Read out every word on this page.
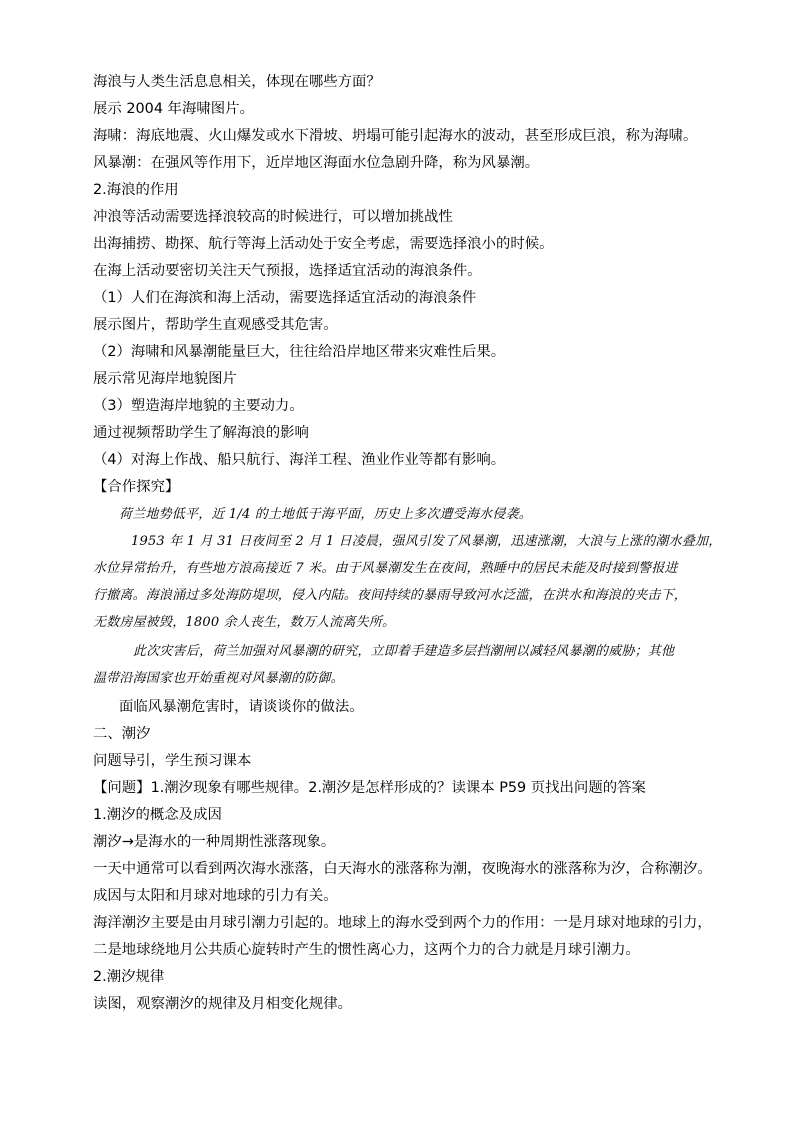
海浪与人类生活息息相关，体现在哪些方面？
展示 2004 年海啸图片。
海啸：海底地震、火山爆发或水下滑坡、坍塌可能引起海水的波动，甚至形成巨浪，称为海啸。
风暴潮：在强风等作用下，近岸地区海面水位急剧升降，称为风暴潮。
2.海浪的作用
冲浪等活动需要选择浪较高的时候进行，可以增加挑战性
出海捕捞、勘探、航行等海上活动处于安全考虑，需要选择浪小的时候。
在海上活动要密切关注天气预报，选择适宜活动的海浪条件。
（1）人们在海滨和海上活动，需要选择适宜活动的海浪条件
展示图片，帮助学生直观感受其危害。
（2）海啸和风暴潮能量巨大，往往给沿岸地区带来灾难性后果。
展示常见海岸地貌图片
（3）塑造海岸地貌的主要动力。
通过视频帮助学生了解海浪的影响
（4）对海上作战、船只航行、海洋工程、渔业作业等都有影响。
【合作探究】
荷兰地势低平，近 1/4 的土地低于海平面，历史上多次遭受海水侵袭。
1953 年 1 月 31 日夜间至 2 月 1 日凌晨，强风引发了风暴潮，迅速涨潮，大浪与上涨的潮水叠加，
水位异常抬升，有些地方浪高接近 7 米。由于风暴潮发生在夜间，熟睡中的居民未能及时接到警报进
行撤离。海浪涌过多处海防堤坝，侵入内陆。夜间持续的暴雨导致河水泛滥，在洪水和海浪的夹击下，
无数房屋被毁，1800 余人丧生，数万人流离失所。
此次灾害后，荷兰加强对风暴潮的研究，立即着手建造多层挡潮闸以减轻风暴潮的威胁；其他
温带沿海国家也开始重视对风暴潮的防御。
面临风暴潮危害时，请谈谈你的做法。
二、潮汐
问题导引，学生预习课本
【问题】1.潮汐现象有哪些规律。2.潮汐是怎样形成的？读课本 P59 页找出问题的答案
1.潮汐的概念及成因
潮汐→是海水的一种周期性涨落现象。
一天中通常可以看到两次海水涨落，白天海水的涨落称为潮，夜晚海水的涨落称为汐，合称潮汐。
成因与太阳和月球对地球的引力有关。
海洋潮汐主要是由月球引潮力引起的。地球上的海水受到两个力的作用：一是月球对地球的引力，
二是地球绕地月公共质心旋转时产生的惯性离心力，这两个力的合力就是月球引潮力。
2.潮汐规律
读图，观察潮汐的规律及月相变化规律。
